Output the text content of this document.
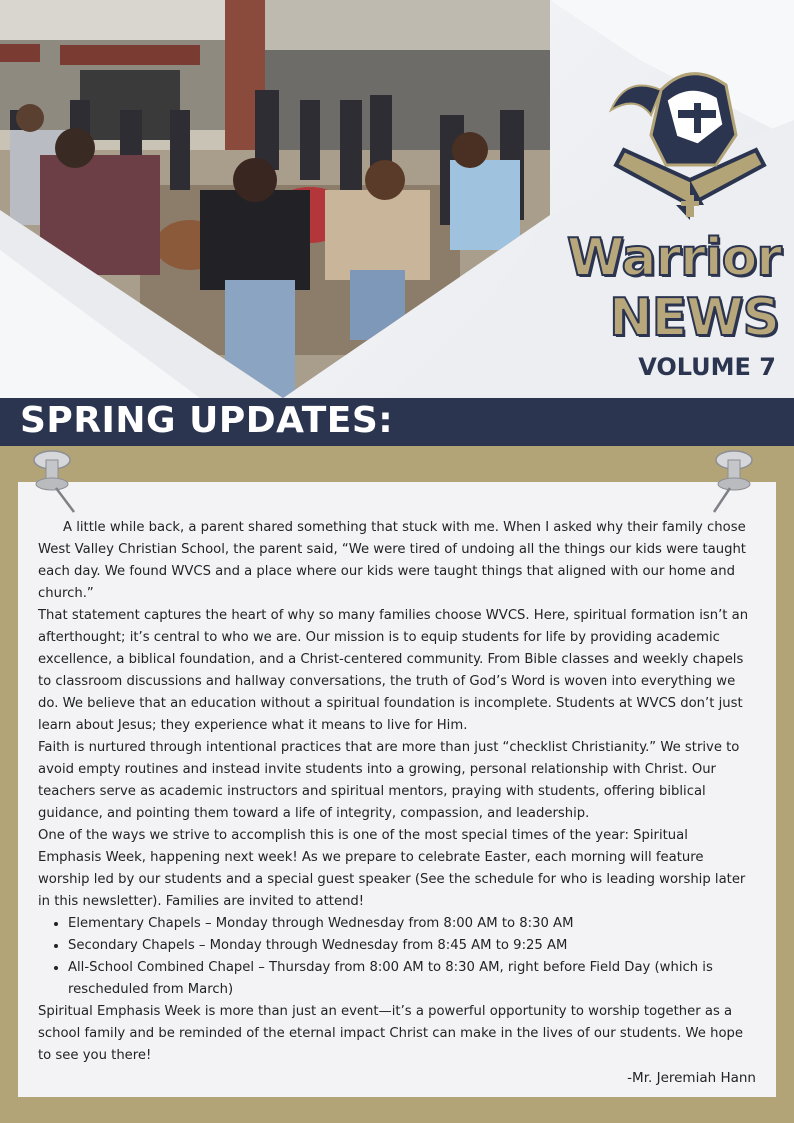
Warrior
NEWS
VOLUME 7
SPRING UPDATES:

A little while back, a parent shared something that stuck with me. When I asked why their family chose West Valley Christian School, the parent said, “We were tired of undoing all the things our kids were taught each day. We found WVCS and a place where our kids were taught things that aligned with our home and church.”

That statement captures the heart of why so many families choose WVCS. Here, spiritual formation isn’t an afterthought; it’s central to who we are. Our mission is to equip students for life by providing academic excellence, a biblical foundation, and a Christ-centered community. From Bible classes and weekly chapels to classroom discussions and hallway conversations, the truth of God’s Word is woven into everything we do. We believe that an education without a spiritual foundation is incomplete. Students at WVCS don’t just learn about Jesus; they experience what it means to live for Him.

Faith is nurtured through intentional practices that are more than just “checklist Christianity.” We strive to avoid empty routines and instead invite students into a growing, personal relationship with Christ. Our teachers serve as academic instructors and spiritual mentors, praying with students, offering biblical guidance, and pointing them toward a life of integrity, compassion, and leadership.

One of the ways we strive to accomplish this is one of the most special times of the year: Spiritual Emphasis Week, happening next week! As we prepare to celebrate Easter, each morning will feature worship led by our students and a special guest speaker (See the schedule for who is leading worship later in this newsletter). Families are invited to attend!

• Elementary Chapels – Monday through Wednesday from 8:00 AM to 8:30 AM
• Secondary Chapels – Monday through Wednesday from 8:45 AM to 9:25 AM
• All-School Combined Chapel – Thursday from 8:00 AM to 8:30 AM, right before Field Day (which is rescheduled from March)

Spiritual Emphasis Week is more than just an event—it’s a powerful opportunity to worship together as a school family and be reminded of the eternal impact Christ can make in the lives of our students. We hope to see you there!

-Mr. Jeremiah Hann
